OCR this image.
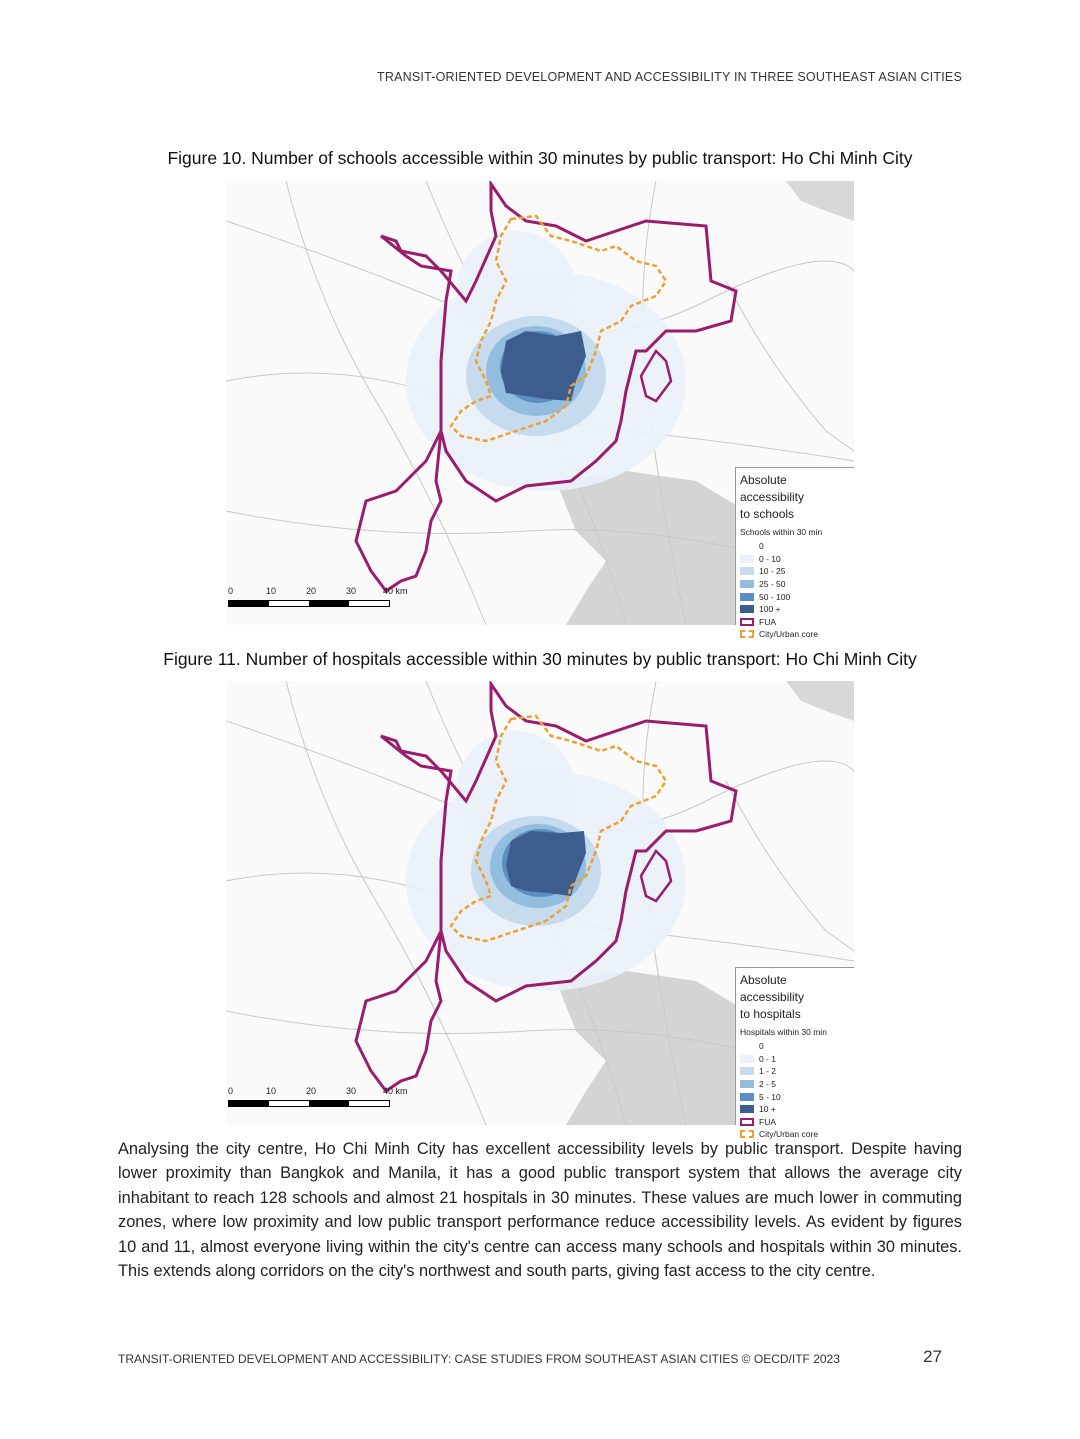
TRANSIT-ORIENTED DEVELOPMENT AND ACCESSIBILITY IN THREE SOUTHEAST ASIAN CITIES
Figure 10. Number of schools accessible within 30 minutes by public transport: Ho Chi Minh City
Absolute accessibility
to schools
Schools within 30 min
0
0 - 10
10 - 25
25 - 50
50 - 100
100 +
FUA
City/Urban core
0	10	20	30	40 km
Figure 11. Number of hospitals accessible within 30 minutes by public transport: Ho Chi Minh City
Absolute accessibility
to hospitals
Hospitals within 30 min
0
0 - 1
1 - 2
2 - 5
5 - 10
10 +
FUA
City/Urban core
0	10	20	30	40 km

Analysing the city centre, Ho Chi Minh City has excellent accessibility levels by public transport. Despite having lower proximity than Bangkok and Manila, it has a good public transport system that allows the average city inhabitant to reach 128 schools and almost 21 hospitals in 30 minutes. These values are much lower in commuting zones, where low proximity and low public transport performance reduce accessibility levels. As evident by figures 10 and 11, almost everyone living within the city's centre can access many schools and hospitals within 30 minutes. This extends along corridors on the city's northwest and south parts, giving fast access to the city centre.

TRANSIT-ORIENTED DEVELOPMENT AND ACCESSIBILITY: CASE STUDIES FROM SOUTHEAST ASIAN CITIES © OECD/ITF 2023	27
